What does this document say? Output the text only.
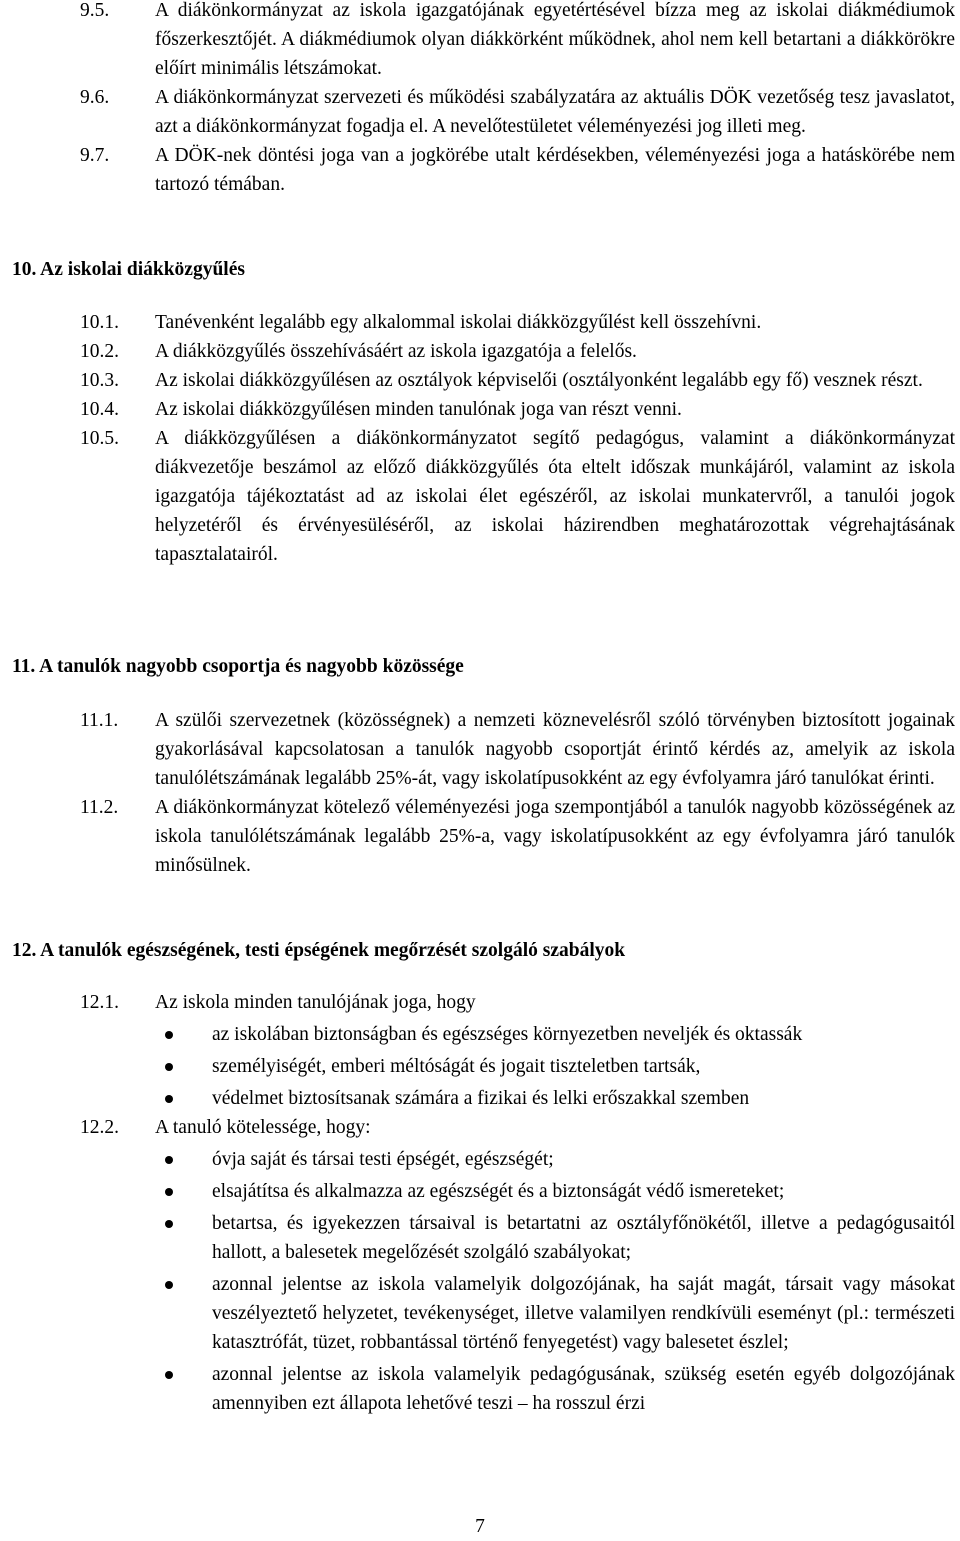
9.5.	A diákönkormányzat az iskola igazgatójának egyetértésével bízza meg az iskolai diákmédiumok főszerkesztőjét. A diákmédiumok olyan diákkörként működnek, ahol nem kell betartani a diákkörökre előírt minimális létszámokat.
9.6.	A diákönkormányzat szervezeti és működési szabályzatára az aktuális DÖK vezetőség tesz javaslatot, azt a diákönkormányzat fogadja el. A nevelőtestületet véleményezési jog illeti meg.
9.7.	A DÖK-nek döntési joga van a jogkörébe utalt kérdésekben, véleményezési joga a hatáskörébe nem tartozó témában.
10. Az iskolai diákközgyűlés
10.1.	Tanévenként legalább egy alkalommal iskolai diákközgyűlést kell összehívni.
10.2.	A diákközgyűlés összehívásáért az iskola igazgatója a felelős.
10.3.	Az iskolai diákközgyűlésen az osztályok képviselői (osztályonként legalább egy fő) vesznek részt.
10.4.	Az iskolai diákközgyűlésen minden tanulónak joga van részt venni.
10.5.	A diákközgyűlésen a diákönkormányzatot segítő pedagógus, valamint a diákönkormányzat diákvezetője beszámol az előző diákközgyűlés óta eltelt időszak munkájáról, valamint az iskola igazgatója tájékoztatást ad az iskolai élet egészéről, az iskolai munkatervről, a tanulói jogok helyzetéről és érvényesüléséről, az iskolai házirendben meghatározottak végrehajtásának tapasztalatairól.
11. A tanulók nagyobb csoportja és nagyobb közössége
11.1.	A szülői szervezetnek (közösségnek) a nemzeti köznevelésről szóló törvényben biztosított jogainak gyakorlásával kapcsolatosan a tanulók nagyobb csoportját érintő kérdés az, amelyik az iskola tanulólétszámának legalább 25%-át, vagy iskolatípusokként az egy évfolyamra járó tanulókat érinti.
11.2.	A diákönkormányzat kötelező véleményezési joga szempontjából a tanulók nagyobb közösségének az iskola tanulólétszámának legalább 25%-a, vagy iskolatípusokként az egy évfolyamra járó tanulók minősülnek.
12. A tanulók egészségének, testi épségének megőrzését szolgáló szabályok
12.1.	Az iskola minden tanulójának joga, hogy
az iskolában biztonságban és egészséges környezetben neveljék és oktassák
személyiségét, emberi méltóságát és jogait tiszteletben tartsák,
védelmet biztosítsanak számára a fizikai és lelki erőszakkal szemben
12.2.	A tanuló kötelessége, hogy:
óvja saját és társai testi épségét, egészségét;
elsajátítsa és alkalmazza az egészségét és a biztonságát védő ismereteket;
betartsa, és igyekezzen társaival is betartatni az osztályfőnökétől, illetve a pedagógusaitól hallott, a balesetek megelőzését szolgáló szabályokat;
azonnal jelentse az iskola valamelyik dolgozójának, ha saját magát, társait vagy másokat veszélyeztető helyzetet, tevékenységet, illetve valamilyen rendkívüli eseményt (pl.: természeti katasztrófát, tüzet, robbantással történő fenyegetést) vagy balesetet észlel;
azonnal jelentse az iskola valamelyik pedagógusának, szükség esetén egyéb dolgozójának amennyiben ezt állapota lehetővé teszi – ha rosszul érzi
7
